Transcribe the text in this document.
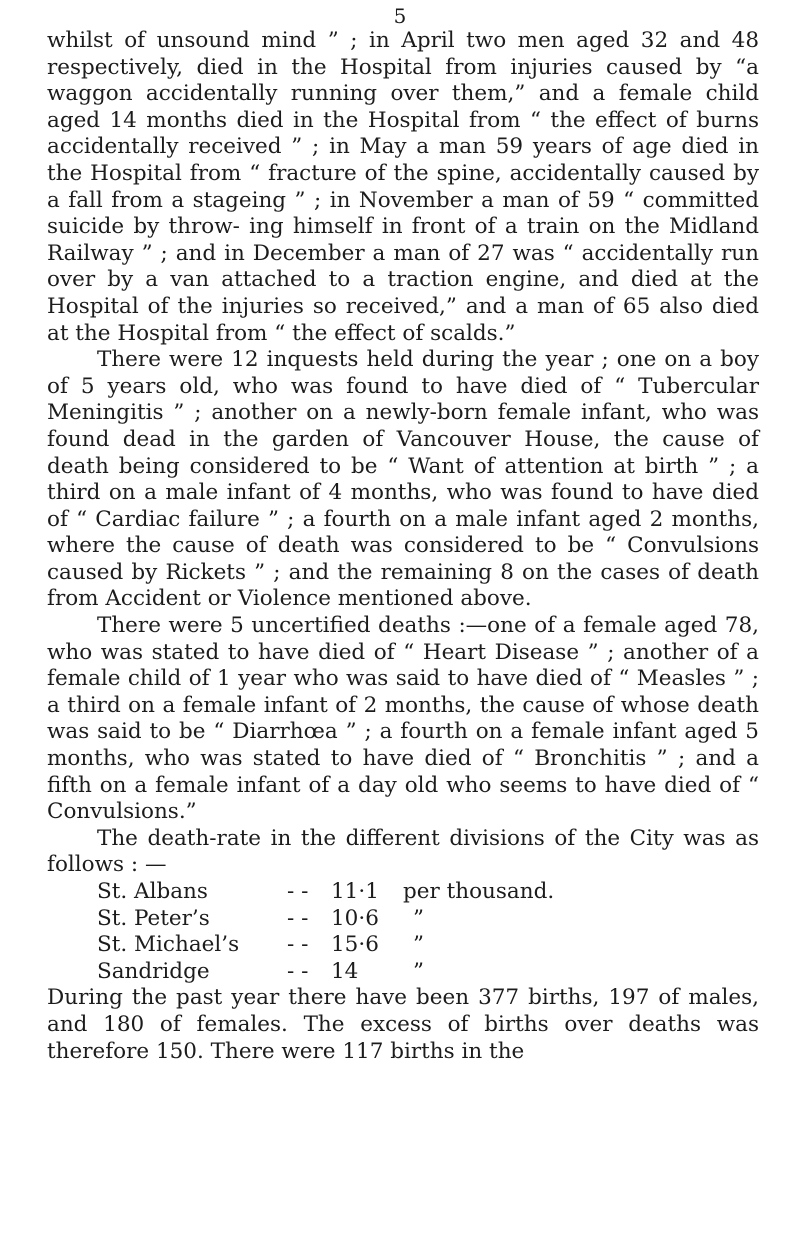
5

whilst of unsound mind ” ; in April two men aged 32 and 48 respectively, died in the Hospital from injuries caused by “a waggon accidentally running over them,” and a female child aged 14 months died in the Hospital from “ the effect of burns accidentally received ” ; in May a man 59 years of age died in the Hospital from “ fracture of the spine, accidentally caused by a fall from a stageing ” ; in November a man of 59 “ committed suicide by throw- ing himself in front of a train on the Midland Railway ” ; and in December a man of 27 was “ accidentally run over by a van attached to a traction engine, and died at the Hospital of the injuries so received,” and a man of 65 also died at the Hospital from “ the effect of scalds.”

There were 12 inquests held during the year ; one on a boy of 5 years old, who was found to have died of “ Tubercular Meningitis ” ; another on a newly-born female infant, who was found dead in the garden of Vancouver House, the cause of death being considered to be “ Want of attention at birth ” ; a third on a male infant of 4 months, who was found to have died of “ Cardiac failure ” ; a fourth on a male infant aged 2 months, where the cause of death was considered to be “ Convulsions caused by Rickets ” ; and the remaining 8 on the cases of death from Accident or Violence mentioned above.

There were 5 uncertified deaths :—one of a female aged 78, who was stated to have died of “ Heart Disease ” ; another of a female child of 1 year who was said to have died of “ Measles ” ; a third on a female infant of 2 months, the cause of whose death was said to be “ Diarrhœa ” ; a fourth on a female infant aged 5 months, who was stated to have died of “ Bronchitis ” ; and a fifth on a female infant of a day old who seems to have died of “ Convulsions.”

The death-rate in the different divisions of the City was as follows : —

St. Albans	- -	11·1	per thousand.
St. Peter’s	- -	10·6	”
St. Michael’s	- -	15·6	”
Sandridge	- -	14	”

During the past year there have been 377 births, 197 of males, and 180 of females. The excess of births over deaths was therefore 150. There were 117 births in the
